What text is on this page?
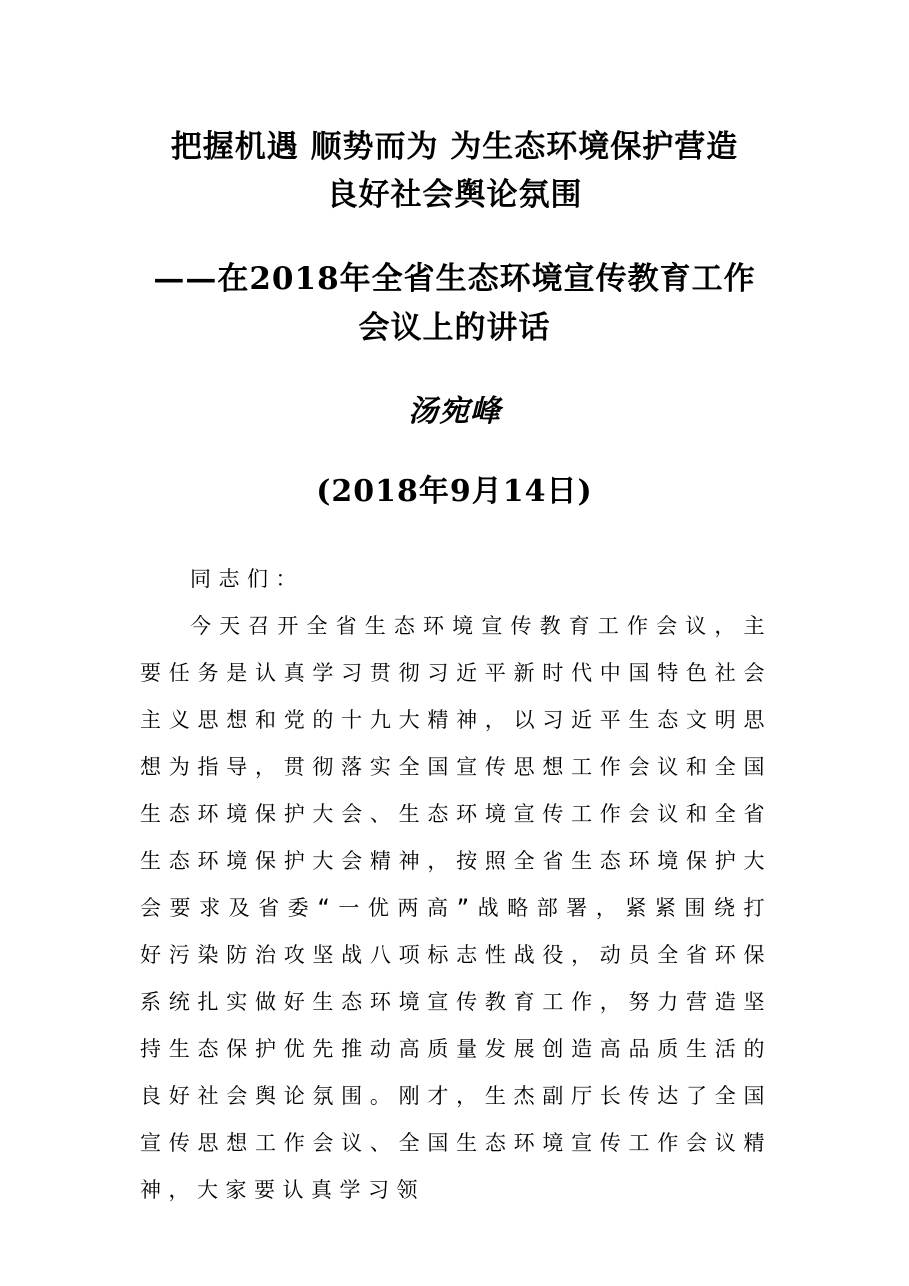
把握机遇 顺势而为 为生态环境保护营造
良好社会舆论氛围
——在2018年全省生态环境宣传教育工作
会议上的讲话
汤宛峰
(2018年9月14日)

同志们：

今天召开全省生态环境宣传教育工作会议，主要任务是认真学习贯彻习近平新时代中国特色社会主义思想和党的十九大精神，以习近平生态文明思想为指导，贯彻落实全国宣传思想工作会议和全国生态环境保护大会、生态环境宣传工作会议和全省生态环境保护大会精神，按照全省生态环境保护大会要求及省委“一优两高”战略部署，紧紧围绕打好污染防治攻坚战八项标志性战役，动员全省环保系统扎实做好生态环境宣传教育工作，努力营造坚持生态保护优先推动高质量发展创造高品质生活的良好社会舆论氛围。刚才，生杰副厅长传达了全国宣传思想工作会议、全国生态环境宣传工作会议精神，大家要认真学习领
